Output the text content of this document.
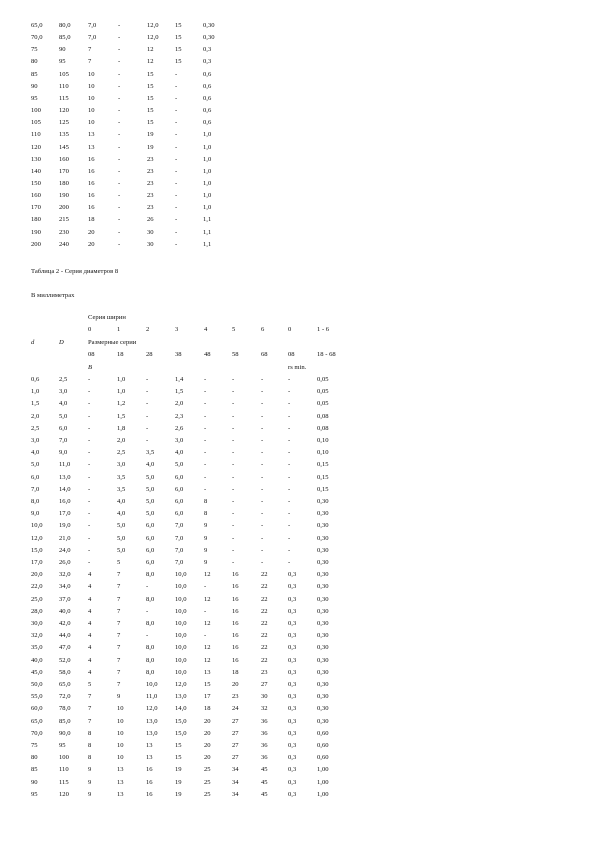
65,0 80,0	7,0	-	12,0 15	0,30
70,0 85,0	7,0	-	12,0 15	0,30
75	90	7	-	12	15	0,3
80	95	7	-	12	15	0,3
85	105	10	-	15	-	0,6
90	110	10	-	15	-	0,6
95	115	10	-	15	-	0,6
100	120	10	-	15	-	0,6
105	125	10	-	15	-	0,6
110	135	13	-	19	-	1,0
120	145	13	-	19	-	1,0
130	160	16	-	23	-	1,0
140	170	16	-	23	-	1,0
150	180	16	-	23	-	1,0
160	190	16	-	23	-	1,0
170	200	16	-	23	-	1,0
180	215	18	-	26	-	1,1
190	230	20	-	30	-	1,1
200	240	20	-	30	-	1,1
Таблица 2 - Серия диаметров 8
В миллиметрах
Серия ширин
0	1	2	3	4	5	6	0	1 - 6
d	D	Размерные серии
08	18	28	38	48	58	68	08	18 - 68
B	rs min.
0,6	2,5	-	1,0	-	1,4	-	-	-	-	0,05
1,0	3,0	-	1,0	-	1,5	-	-	-	-	0,05
1,5	4,0	-	1,2	-	2,0	-	-	-	-	0,05
2,0	5,0	-	1,5	-	2,3	-	-	-	-	0,08
2,5	6,0	-	1,8	-	2,6	-	-	-	-	0,08
3,0	7,0	-	2,0	-	3,0	-	-	-	-	0,10
4,0	9,0	-	2,5	3,5	4,0	-	-	-	-	0,10
5,0	11,0	-	3,0	4,0	5,0	-	-	-	-	0,15
6,0	13,0	-	3,5	5,0	6,0	-	-	-	-	0,15
7,0	14,0	-	3,5	5,0	6,0	-	-	-	-	0,15
8,0	16,0	-	4,0	5,0	6,0	8	-	-	-	0,30
9,0	17,0	-	4,0	5,0	6,0	8	-	-	-	0,30
10,0 19,0	-	5,0	6,0	7,0	9	-	-	-	0,30
12,0 21,0	-	5,0	6,0	7,0	9	-	-	-	0,30
15,0 24,0	-	5,0	6,0	7,0	9	-	-	-	0,30
17,0 26,0	-	5	6,0	7,0	9	-	-	-	0,30
20,0 32,0	4	7	8,0	10,0	12	16	22	0,3	0,30
22,0 34,0	4	7	-	10,0	-	16	22	0,3	0,30
25,0 37,0	4	7	8,0	10,0	12	16	22	0,3	0,30
28,0 40,0	4	7	-	10,0	-	16	22	0,3	0,30
30,0 42,0	4	7	8,0	10,0	12	16	22	0,3	0,30
32,0 44,0	4	7	-	10,0	-	16	22	0,3	0,30
35,0 47,0	4	7	8,0	10,0	12	16	22	0,3	0,30
40,0 52,0	4	7	8,0	10,0	12	16	22	0,3	0,30
45,0 58,0	4	7	8,0	10,0	13	18	23	0,3	0,30
50,0 65,0	5	7	10,0	12,0	15	20	27	0,3	0,30
55,0 72,0	7	9	11,0	13,0	17	23	30	0,3	0,30
60,0 78,0	7	10	12,0	14,0	18	24	32	0,3	0,30
65,0 85,0	7	10	13,0	15,0	20	27	36	0,3	0,30
70,0 90,0	8	10	13,0	15,0	20	27	36	0,3	0,60
75	95	8	10	13	15	20	27	36	0,3	0,60
80	100	8	10	13	15	20	27	36	0,3	0,60
85	110	9	13	16	19	25	34	45	0,3	1,00
90	115	9	13	16	19	25	34	45	0,3	1,00
95	120	9	13	16	19	25	34	45	0,3	1,00
